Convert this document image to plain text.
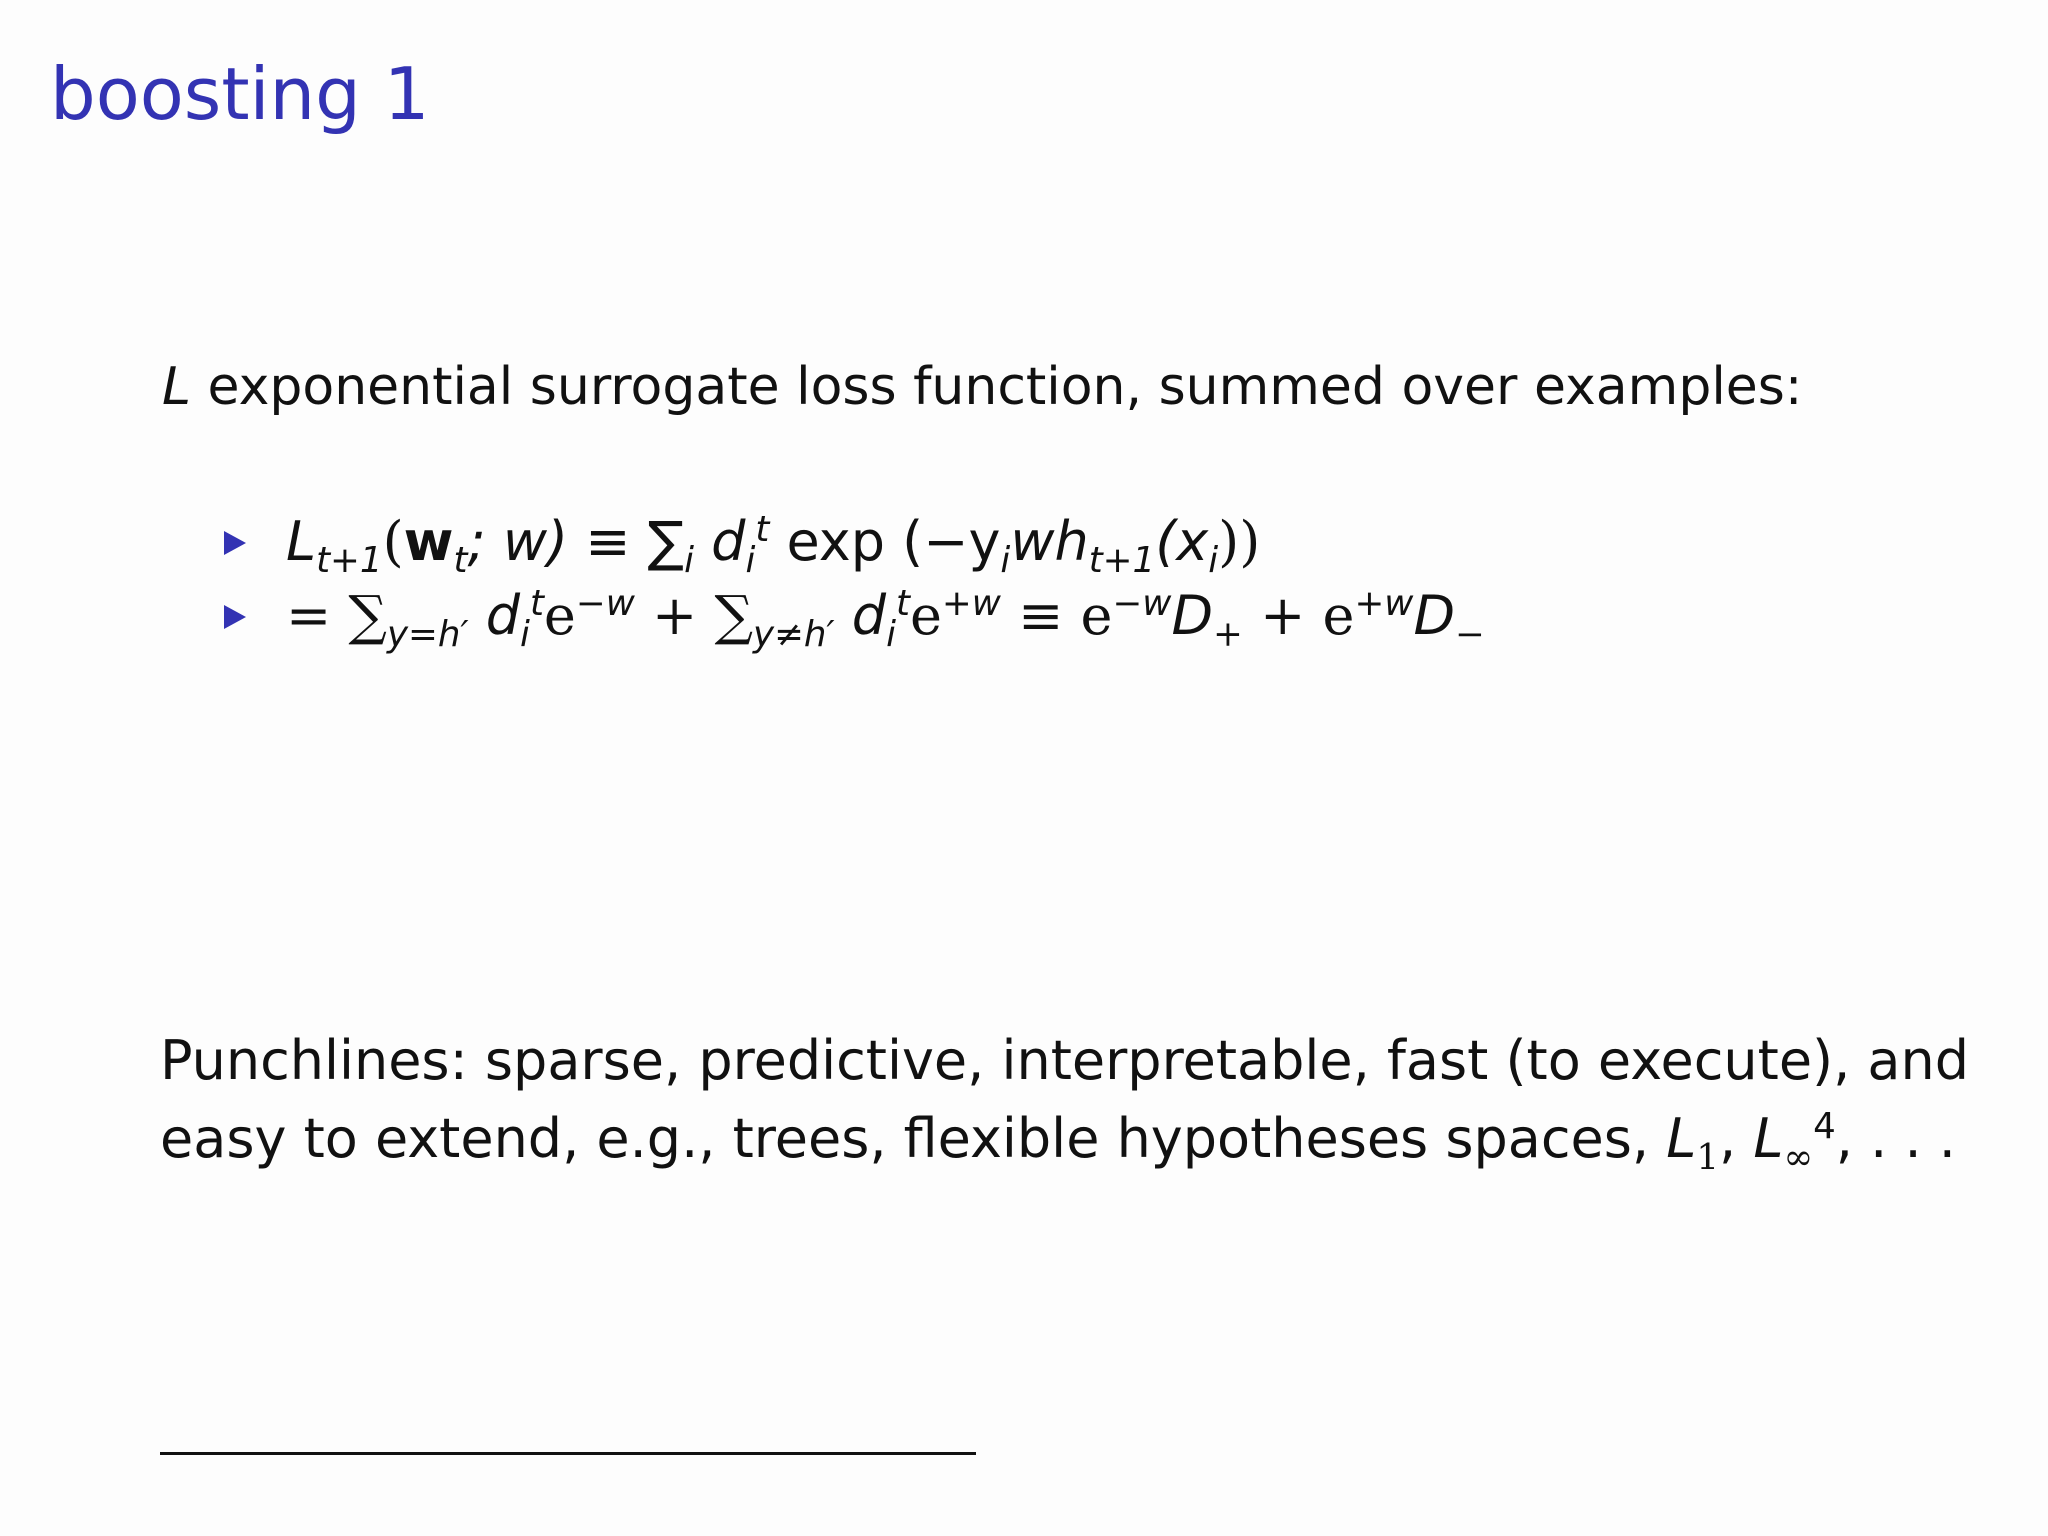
boosting 1
L exponential surrogate loss function, summed over examples:
$L_{t+1}(w_t$; $w) \equiv \sum_i$ $d_i^t$ $\exp (-y_iwh_{t+1}(x_i))$
= $\sum_{y=h'}$ $d_i^te^{-w} + \sum_{y\ne h'}$ $d_i^te^{+w} \equiv e^{-w}D_+ + e^{+w}D_-$
Punchlines: sparse, predictive, interpretable, fast (to execute), and
easy to extend, e.g., trees, flexible hypotheses spaces, $L_1$, $L_\infty^4$, . . .
